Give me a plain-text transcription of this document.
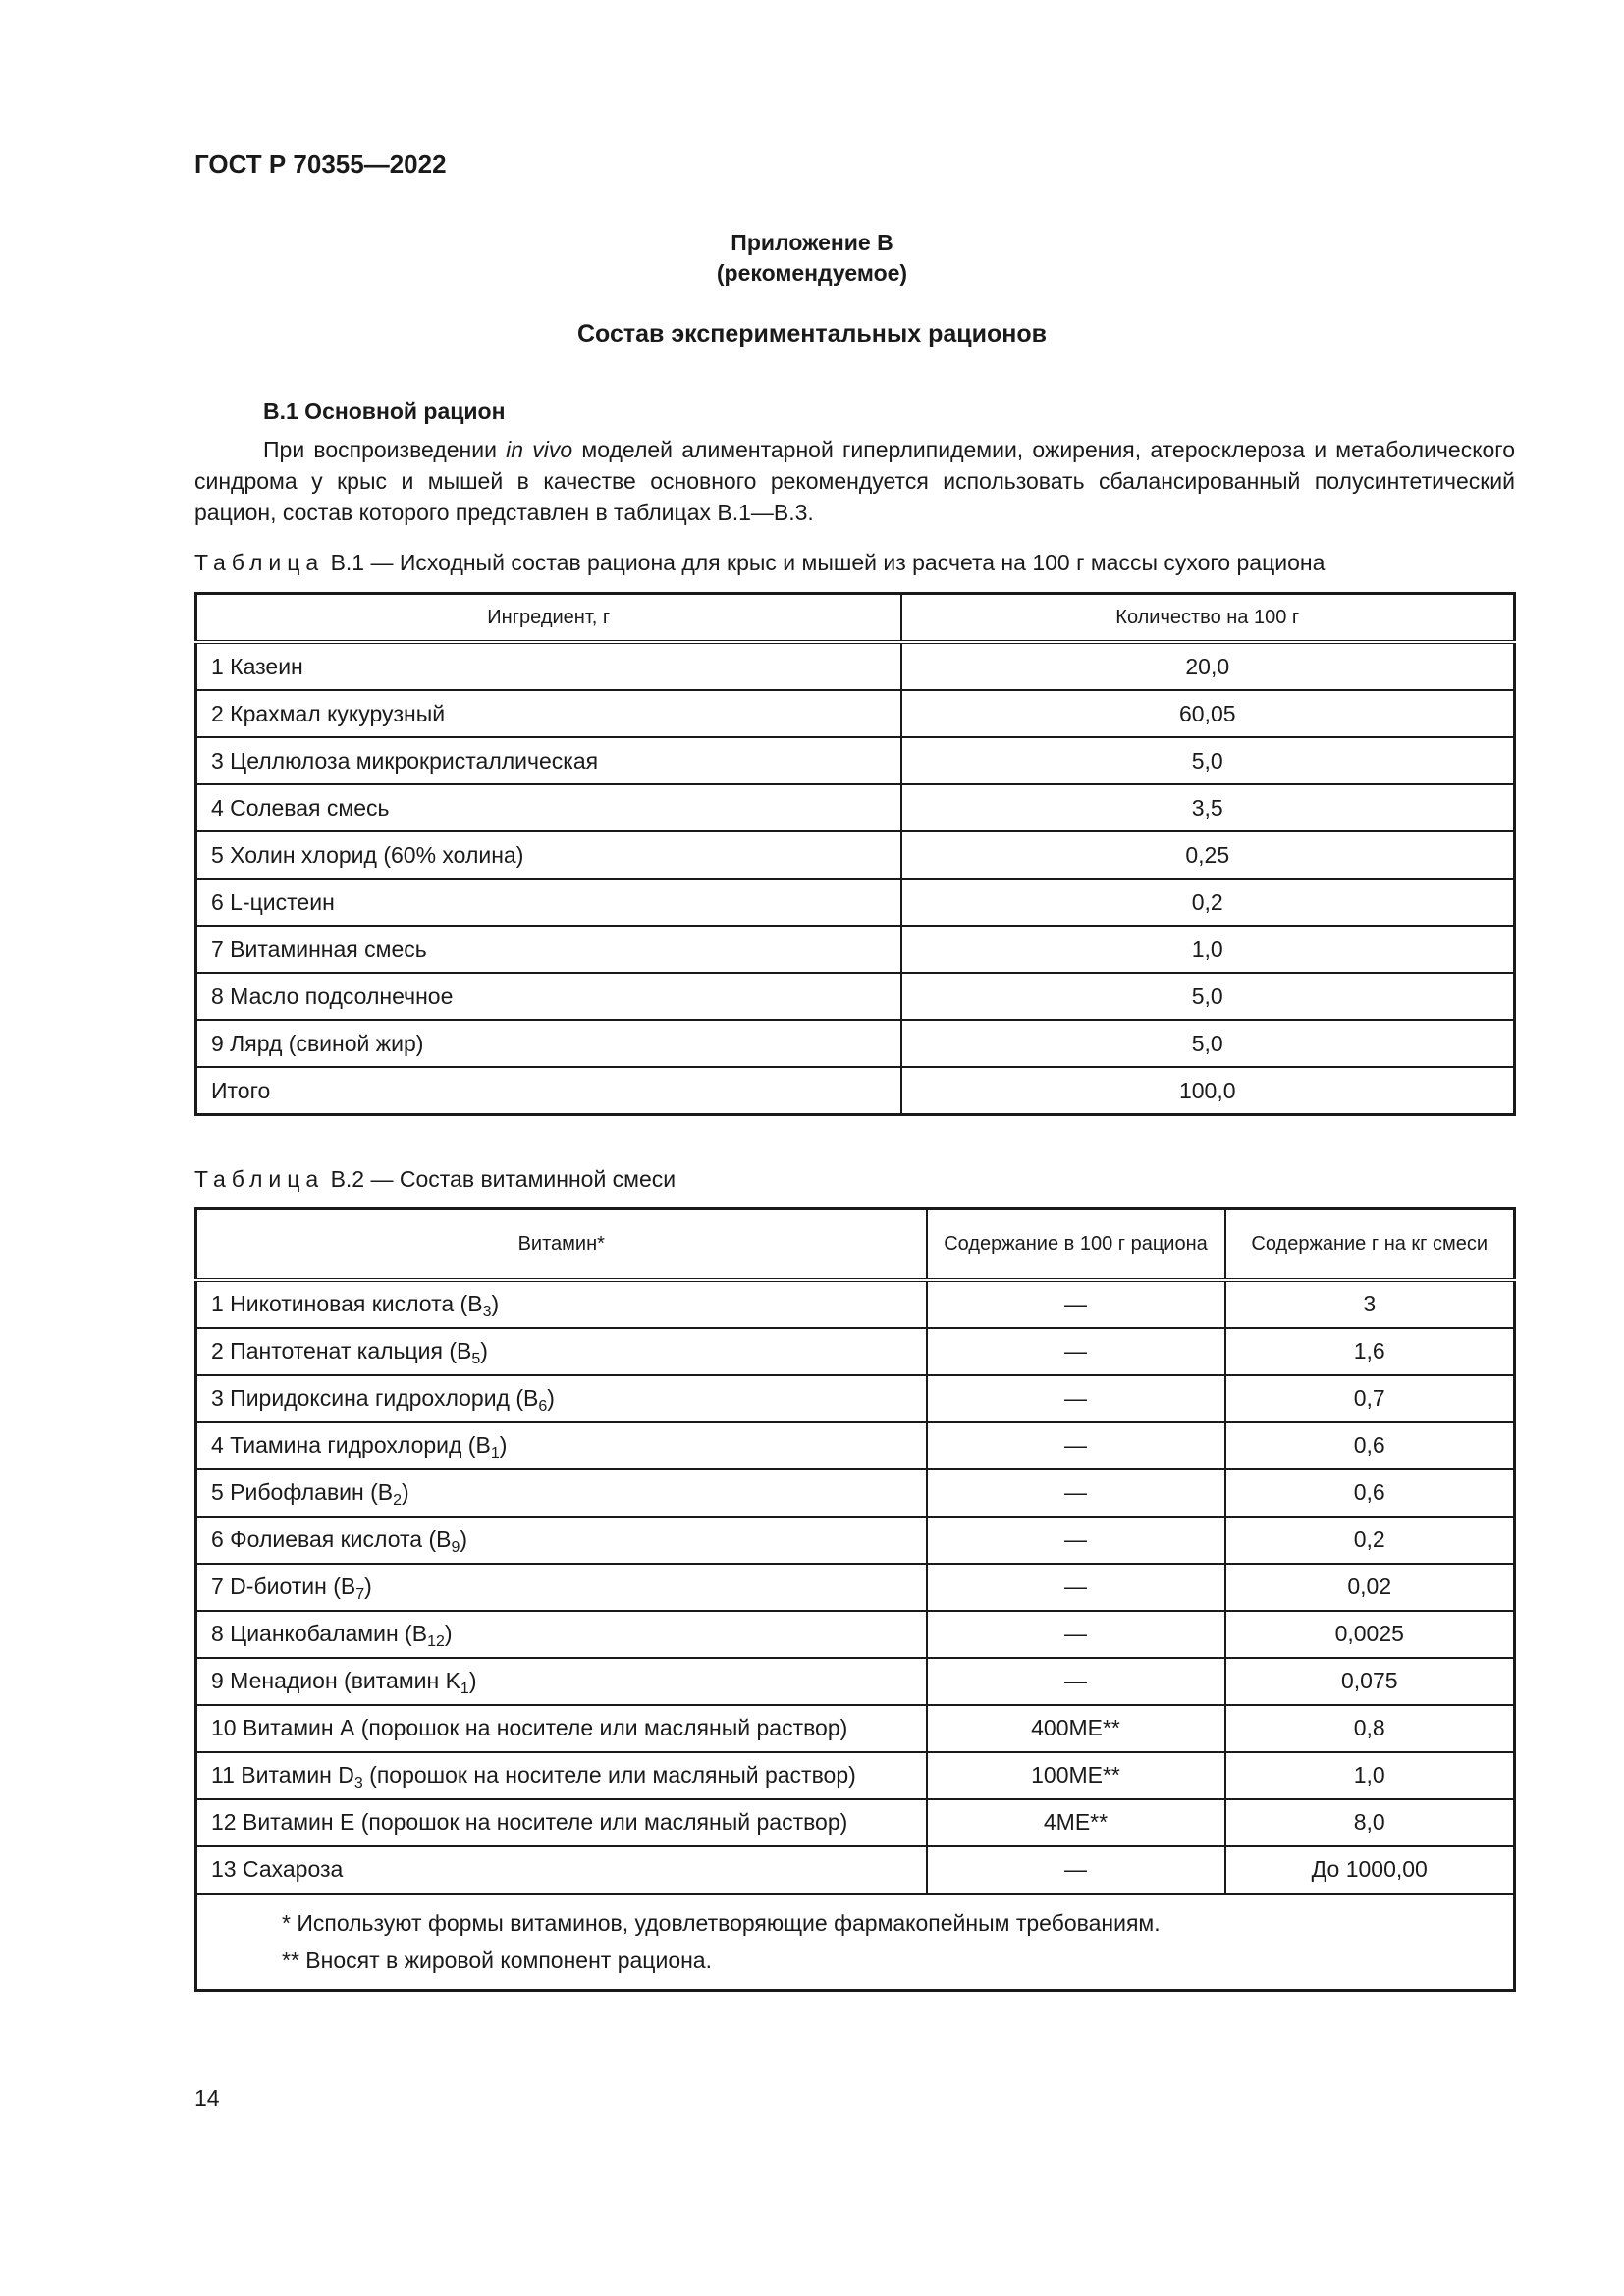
ГОСТ Р 70355—2022
Приложение В
(рекомендуемое)
Состав экспериментальных рационов
В.1 Основной рацион
При воспроизведении in vivo моделей алиментарной гиперлипидемии, ожирения, атеросклероза и метаболического синдрома у крыс и мышей в качестве основного рекомендуется использовать сбалансированный полусинтетический рацион, состав которого представлен в таблицах В.1—В.3.
Таблица В.1 — Исходный состав рациона для крыс и мышей из расчета на 100 г массы сухого рациона
Ингредиент, г	Количество на 100 г
1 Казеин	20,0
2 Крахмал кукурузный	60,05
3 Целлюлоза микрокристаллическая	5,0
4 Солевая смесь	3,5
5 Холин хлорид (60% холина)	0,25
6 L-цистеин	0,2
7 Витаминная смесь	1,0
8 Масло подсолнечное	5,0
9 Лярд (свиной жир)	5,0
Итого	100,0
Таблица В.2 — Состав витаминной смеси
Витамин*	Содержание в 100 г рациона	Содержание г на кг смеси
1 Никотиновая кислота $(B_3)$	—	3
2 Пантотенат кальция $(B_5)$	—	1,6
3 Пиридоксина гидрохлорид $(B_6)$	—	0,7
4 Тиамина гидрохлорид $(B_1)$	—	0,6
5 Рибофлавин $(B_2)$	—	0,6
6 Фолиевая кислота $(B_9)$	—	0,2
7 D-биотин $(B_7)$	—	0,02
8 Цианкобаламин $(B_{12})$	—	0,0025
9 Менадион (витамин $K_1$)	—	0,075
10 Витамин А (порошок на носителе или масляный раствор)	400МЕ**	0,8
11 Витамин $D_3$ (порошок на носителе или масляный раствор)	100МЕ**	1,0
12 Витамин Е (порошок на носителе или масляный раствор)	4МЕ**	8,0
13 Сахароза	—	До 1000,00

* Используют формы витаминов, удовлетворяющие фармакопейным требованиям.
** Вносят в жировой компонент рациона.		
14
